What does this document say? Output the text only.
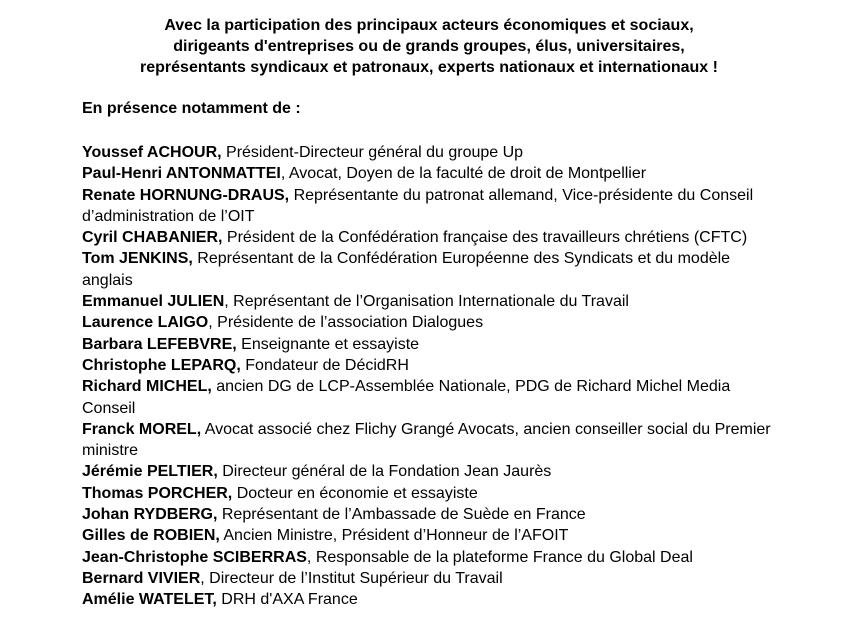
Avec la participation des principaux acteurs économiques et sociaux,
dirigeants d'entreprises ou de grands groupes, élus, universitaires,
représentants syndicaux et patronaux, experts nationaux et internationaux !
En présence notamment de :

Youssef ACHOUR, Président-Directeur général du groupe Up

Paul-Henri ANTONMATTEI, Avocat, Doyen de la faculté de droit de Montpellier

Renate HORNUNG-DRAUS, Représentante du patronat allemand, Vice-présidente du Conseil d’administration de l’OIT

Cyril CHABANIER, Président de la Confédération française des travailleurs chrétiens (CFTC)

Tom JENKINS, Représentant de la Confédération Européenne des Syndicats et du modèle anglais

Emmanuel JULIEN, Représentant de l’Organisation Internationale du Travail

Laurence LAIGO, Présidente de l’association Dialogues

Barbara LEFEBVRE, Enseignante et essayiste

Christophe LEPARQ, Fondateur de DécidRH

Richard MICHEL, ancien DG de LCP-Assemblée Nationale, PDG de Richard Michel Media Conseil

Franck MOREL, Avocat associé chez Flichy Grangé Avocats, ancien conseiller social du Premier ministre

Jérémie PELTIER, Directeur général de la Fondation Jean Jaurès

Thomas PORCHER, Docteur en économie et essayiste

Johan RYDBERG, Représentant de l’Ambassade de Suède en France

Gilles de ROBIEN, Ancien Ministre, Président d’Honneur de l’AFOIT

Jean-Christophe SCIBERRAS, Responsable de la plateforme France du Global Deal

Bernard VIVIER, Directeur de l’Institut Supérieur du Travail

Amélie WATELET, DRH d'AXA France
